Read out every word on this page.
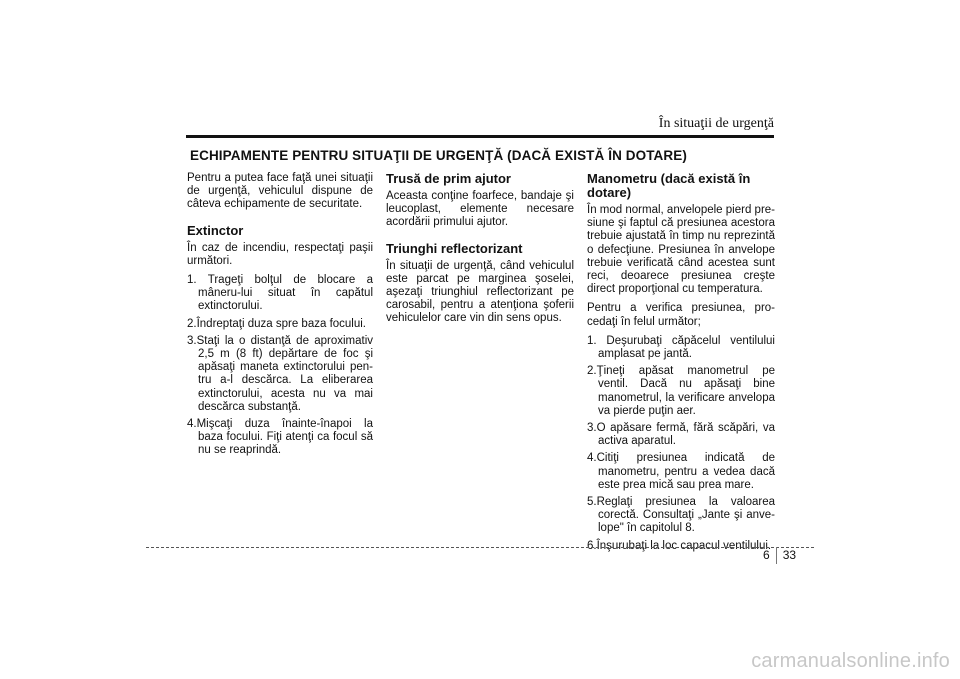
În situaţii de urgenţă
ECHIPAMENTE PENTRU SITUAŢII DE URGENŢĂ (DACĂ EXISTĂ ÎN DOTARE)

Pentru a putea face faţă unei situaţii de urgenţă, vehiculul dispune de câteva echipamente de securitate.

Extinctor

În caz de incendiu, respectaţi paşii următori.

1. Trageţi bolţul de blocare a mâneru-lui situat în capătul extinctorului.
2.Îndreptaţi duza spre baza focului.
3.Staţi la o distanţă de aproximativ 2,5 m (8 ft) depărtare de foc şi apăsaţi maneta extinctorului pen-tru a-l descărca. La eliberarea extinctorului, acesta nu va mai descărca substanţă.
4.Mişcaţi duza înainte-înapoi la baza focului. Fiţi atenţi ca focul să nu se reaprindă.
Trusă de prim ajutor

Aceasta conţine foarfece, bandaje şi leucoplast, elemente necesare acordării primului ajutor.

Triunghi reflectorizant

În situaţii de urgenţă, când vehiculul este parcat pe marginea şoselei, aşezaţi triunghiul reflectorizant pe carosabil, pentru a atenţiona şoferii vehiculelor care vin din sens opus.

Manometru (dacă există în dotare)

În mod normal, anvelopele pierd pre-siune şi faptul că presiunea acestora trebuie ajustată în timp nu reprezintă o defecţiune. Presiunea în anvelope trebuie verificată când acestea sunt reci, deoarece presiunea creşte direct proporţional cu temperatura.

Pentru a verifica presiunea, pro-cedaţi în felul următor;

1. Deşurubaţi căpăcelul ventilului amplasat pe jantă.
2.Ţineţi apăsat manometrul pe ventil. Dacă nu apăsaţi bine manometrul, la verificare anvelopa va pierde puţin aer.
3.O apăsare fermă, fără scăpări, va activa aparatul.
4.Citiţi presiunea indicată de manometru, pentru a vedea dacă este prea mică sau prea mare.
5.Reglaţi presiunea la valoarea corectă. Consultaţi „Jante şi anve-lope" în capitolul 8.
6.Înşurubaţi la loc capacul ventilului.
6 33
carmanualsonline.info
